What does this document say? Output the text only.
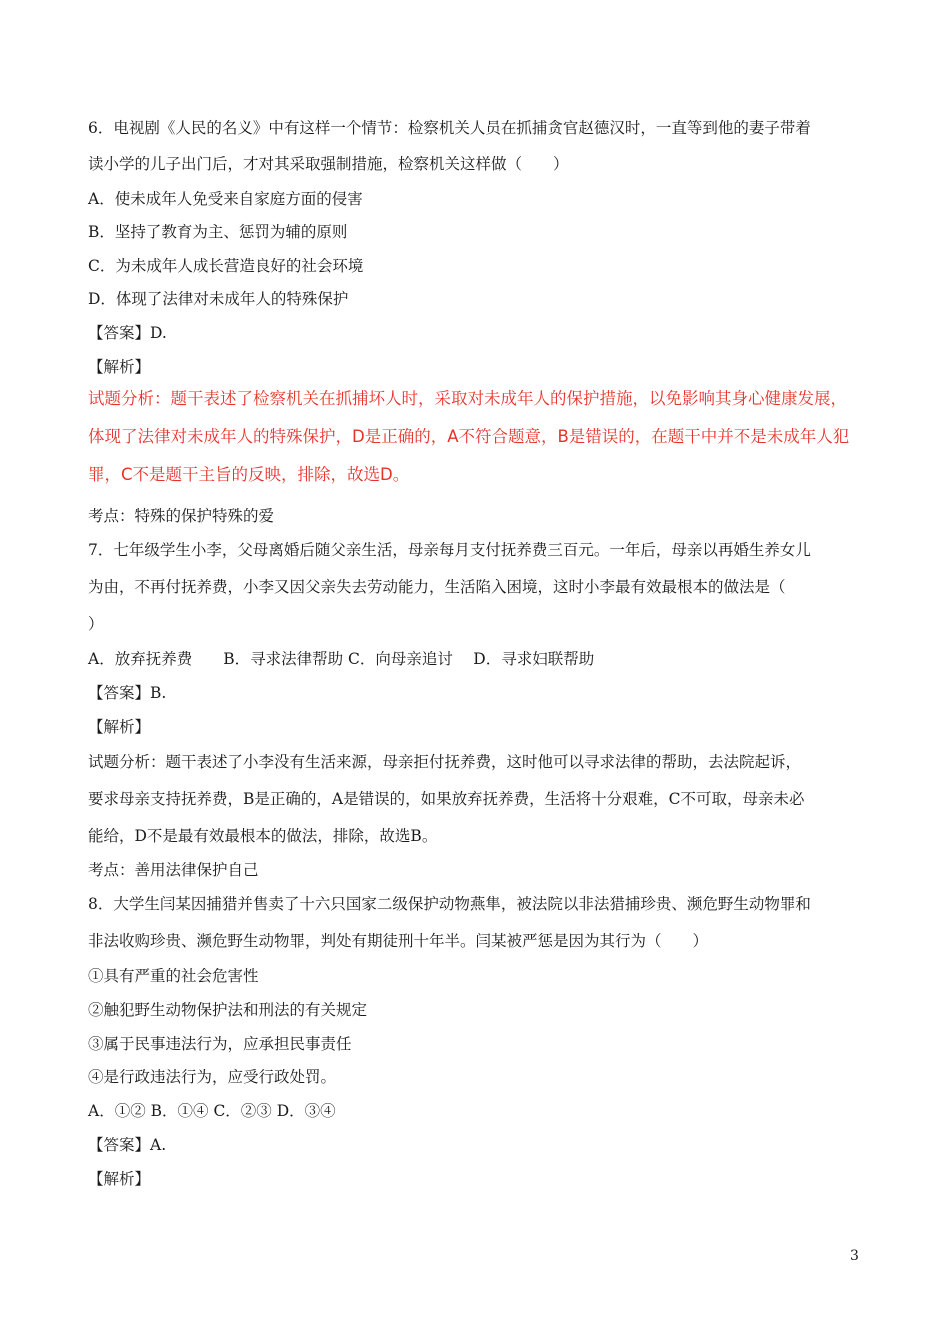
6．电视剧《人民的名义》中有这样一个情节：检察机关人员在抓捕贪官赵德汉时，一直等到他的妻子带着

读小学的儿子出门后，才对其采取强制措施，检察机关这样做（　　）

A．使未成年人免受来自家庭方面的侵害

B．坚持了教育为主、惩罚为辅的原则

C．为未成年人成长营造良好的社会环境

D．体现了法律对未成年人的特殊保护

【答案】D.

【解析】

试题分析：题干表述了检察机关在抓捕坏人时，采取对未成年人的保护措施，以免影响其身心健康发展，

体现了法律对未成年人的特殊保护，D是正确的，A不符合题意，B是错误的，在题干中并不是未成年人犯

罪，C不是题干主旨的反映，排除，故选D。

考点：特殊的保护特殊的爱

7．七年级学生小李，父母离婚后随父亲生活，母亲每月支付抚养费三百元。一年后，母亲以再婚生养女儿

为由，不再付抚养费，小李又因父亲失去劳动能力，生活陷入困境，这时小李最有效最根本的做法是（

）

A．放弃抚养费　　B．寻求法律帮助 C．向母亲追讨　 D．寻求妇联帮助

【答案】B.

【解析】

试题分析：题干表述了小李没有生活来源，母亲拒付抚养费，这时他可以寻求法律的帮助，去法院起诉，

要求母亲支持抚养费，B是正确的，A是错误的，如果放弃抚养费，生活将十分艰难，C不可取，母亲未必

能给，D不是最有效最根本的做法，排除，故选B。

考点：善用法律保护自己

8．大学生闫某因捕猎并售卖了十六只国家二级保护动物燕隼，被法院以非法猎捕珍贵、濒危野生动物罪和

非法收购珍贵、濒危野生动物罪，判处有期徒刑十年半。闫某被严惩是因为其行为（　　）

①具有严重的社会危害性

②触犯野生动物保护法和刑法的有关规定

③属于民事违法行为，应承担民事责任

④是行政违法行为，应受行政处罚。

A．①② B．①④ C．②③ D．③④

【答案】A.

【解析】

3
